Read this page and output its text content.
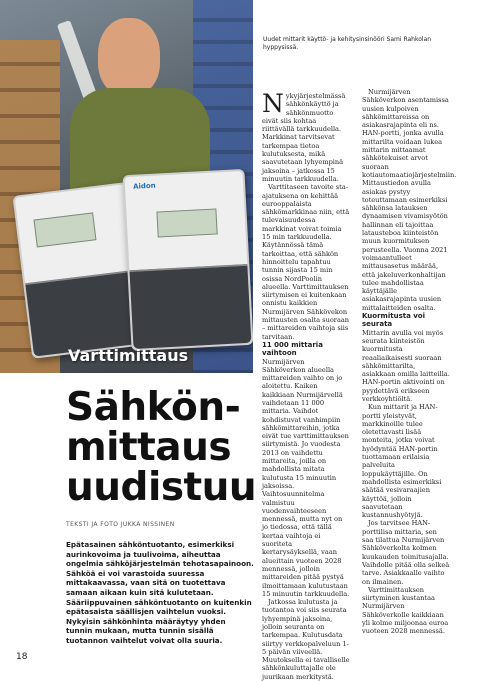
Aidon
Varttimittaus
Uudet mittarit käyttö- ja kehitysinsinööri Sami Rahkolan hyppysissä.
Sähkön-
mittaus
uudistuu
TEKSTI JA FOTO JUKKA NISSINEN
Epätasainen sähköntuotanto, esimerkiksi aurinkovoima ja tuulivoima, aiheuttaa ongelmia sähköjärjestelmän tehotasapainoon. Sähköä ei voi varastoida suuressa mittakaavassa, vaan sitä on tuotettava samaan aikaan kuin sitä kulutetaan. Sääriippuvainen sähköntuotanto on kuitenkin epätasaista säällisjen vaihtelun vuoksi. Nykyisin sähkönhinta määräytyy yhden tunnin mukaan, mutta tunnin sisällä tuotannon vaihtelut voivat olla suuria.

Nykyjärjestelmässä sähkönkäyttö ja sähkönmuotto eivät siis kohtaa riittävällä tarkkuudella. Markkinat tarvitsevat tarkempaa tietoa kulutuksesta, mikä saavutetaan lyhyempinä jaksoina – jatkossa 15 minuutin tarkkuudella.

Varttitaseen tavoite sta-ajatuksena on kehittää eurooppalaista sähkömarkkinaa niin, että tulevaisuudessa markkinat voivat toimia 15 min tarkkuudella. Käytännössä tämä tarkoittaa, että sähkön hinnoittelu tapahtuu tunnin sijasta 15 min osissa NordPoolin alueella. Varttimittauksen siirtymisen ei kuitenkaan onnistu kaikkien Nurmijärven Sähkövekon mittausten osalta suoraan – mittareiden vaihtoja siis tarvitaan.

11 000 mittaria vaihtoon

Nurmijärven Sähköverkon alueella mittareiden vaihto on jo aloitettu. Kaiken kaikkiaan Nurmijärvellä vaihdetaan 11 000 mittaria. Vaihdot kohdistuvat vanhimpiin sähkömittareihin, jotka eivät tue varttimittauksen siirtymistä. Jo vuodesta 2013 on vaihdettu mittareita, joilla on mahdollista mitata kulutusta 15 minuutin jaksoissa. Vaihtosuunnitelma valmistuu vuodenvaihteeseen mennessä, mutta nyt on jo tiedossa, että tällä kertaa vaihtoja ei suoriteta kertarysäyksellä, vaan alueittain vuoteen 2028 mennessä, jolloin mittareiden pitää pystyä ilmoittamaan kulutustaan 15 minuutin tarkkuudella.

Jatkossa kulutusta ja tuotantoa voi siis seurata lyhyempinä jaksoina, jolloin seuranta on tarkempaa. Kulutusdata siirtyy verkkopalveluun 1-5 päivän viiveellä. Muutoksella ei tavalliselle sähkönkuluttajalle ole juurikaan merkitystä.

Nurmijärven Sähköverkon asentamissa uusien kulpoiven sähkömittareissa on asiakasrajapinta eli ns. HAN-portti, jonka avulla mittarilta voidaan lukea mittarin mittaamat sähkötekuiset arvot suoraan kotiautomaatiojärjestelmiin. Mittaustiedon avulla asiakas pystyy toteuttamaan esimerkiksi sähkönsa latauksen dynaamisen vivamisyötön hallinnan eli tajoittaa latausteboa kiinteistön muun kuormituksen perusteella. Vuonna 2021 voimaantulleet mittausasetus määrää, että jakeluverkonhaltijan tulee mahdollistaa käyttäjälle asiakasrajapinta uusien mittalaitteiden osalta.

Kuormitusta voi seurata

Mittarin avulla voi myös seurata kiinteistön kuormitusta reaaliaikaisesti suoraan sähkömittarilta, asiakkaan omilla laitteilla. HAN-portin aktivointi on pyydettävä erikseen verkkoyhtiöltä.

Kun mittarit ja HAN-portti yleistyvät, markkinoille tulee oletettavasti lisää monteita, jotka voivat hyödyntää HAN-portin tuottamaan erilaisia palveluita loppukäyttäjille. On mahdollista esimerkiksi säätää vesivaraajien käyttöä, jolloin saavutetaan kustannushyötyjä.

Jos tarvitsee HAN-porttilisa mittaria, sen saa tilattua Nurmijärven Sähköverkolta kolmen kuukauden toimitusajalla. Vaihdolle pitää olla selkeä tarve. Asiakkaalle vaihto on ilmainen.

Varttimittauksen siirtyminen kustantaa Nurmijärven Sähköverkolle kaikkiaan yli kolme miljoonaa euroa vuoteen 2028 mennessä.

18
